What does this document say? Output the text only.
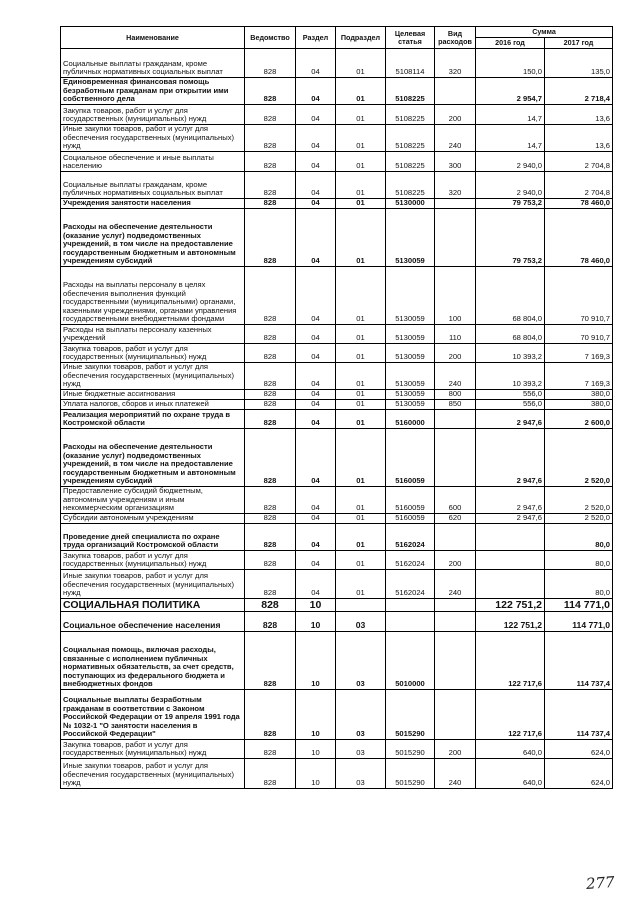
Наименование	Ведомство	Раздел	Подраздел	Целевая статья	Вид расходов	Сумма	
						2016 год	2017 год
Социальные выплаты гражданам, кроме публичных нормативных социальных выплат	828	04	01	5108114	320	150,0	135,0
Единовременная финансовая помощь безработным гражданам при открытии ими собственного дела	828	04	01	5108225		2 954,7	2 718,4
Закупка товаров, работ и услуг для государственных (муниципальных) нужд	828	04	01	5108225	200	14,7	13,6
Иные закупки товаров, работ и услуг для обеспечения государственных (муниципальных) нужд	828	04	01	5108225	240	14,7	13,6
Социальное обеспечение и иные выплаты населению	828	04	01	5108225	300	2 940,0	2 704,8
Социальные выплаты гражданам, кроме публичных нормативных социальных выплат	828	04	01	5108225	320	2 940,0	2 704,8
Учреждения занятости населения	828	04	01	5130000		79 753,2	78 460,0
Расходы на обеспечение деятельности (оказание услуг) подведомственных учреждений, в том числе на предоставление государственным бюджетным и автономным учреждениям субсидий	828	04	01	5130059		79 753,2	78 460,0
Расходы на выплаты персоналу в целях обеспечения выполнения функций государственными (муниципальными) органами, казенными учреждениями, органами управления государственными внебюджетными фондами	828	04	01	5130059	100	68 804,0	70 910,7
Расходы на выплаты персоналу казенных учреждений	828	04	01	5130059	110	68 804,0	70 910,7
Закупка товаров, работ и услуг для государственных (муниципальных) нужд	828	04	01	5130059	200	10 393,2	7 169,3
Иные закупки товаров, работ и услуг для обеспечения государственных (муниципальных) нужд	828	04	01	5130059	240	10 393,2	7 169,3
Иные бюджетные ассигнования	828	04	01	5130059	800	556,0	380,0
Уплата налогов, сборов и иных платежей	828	04	01	5130059	850	556,0	380,0
Реализация мероприятий по охране труда в Костромской области	828	04	01	5160000		2 947,6	2 600,0
Расходы на обеспечение деятельности (оказание услуг) подведомственных учреждений, в том числе на предоставление государственным бюджетным и автономным учреждениям субсидий	828	04	01	5160059		2 947,6	2 520,0
Предоставление субсидий бюджетным, автономным учреждениям и иным некоммерческим организациям	828	04	01	5160059	600	2 947,6	2 520,0
Субсидии автономным учреждениям	828	04	01	5160059	620	2 947,6	2 520,0
Проведение дней специалиста по охране труда организаций Костромской области	828	04	01	5162024			80,0
Закупка товаров, работ и услуг для государственных (муниципальных) нужд	828	04	01	5162024	200		80,0
Иные закупки товаров, работ и услуг для обеспечения государственных (муниципальных) нужд	828	04	01	5162024	240		80,0
СОЦИАЛЬНАЯ ПОЛИТИКА	828	10				122 751,2	114 771,0
Социальное обеспечение населения	828	10	03			122 751,2	114 771,0
Социальная помощь, включая расходы, связанные с исполнением публичных нормативных обязательств, за счет средств, поступающих из федерального бюджета и внебюджетных фондов	828	10	03	5010000		122 717,6	114 737,4
Социальные выплаты безработным гражданам в соответствии с Законом Российской Федерации от 19 апреля 1991 года № 1032-1 "О занятости населения в Российской Федерации"	828	10	03	5015290		122 717,6	114 737,4
Закупка товаров, работ и услуг для государственных (муниципальных) нужд	828	10	03	5015290	200	640,0	624,0
Иные закупки товаров, работ и услуг для обеспечения государственных (муниципальных) нужд	828	10	03	5015290	240	640,0	624,0
277
